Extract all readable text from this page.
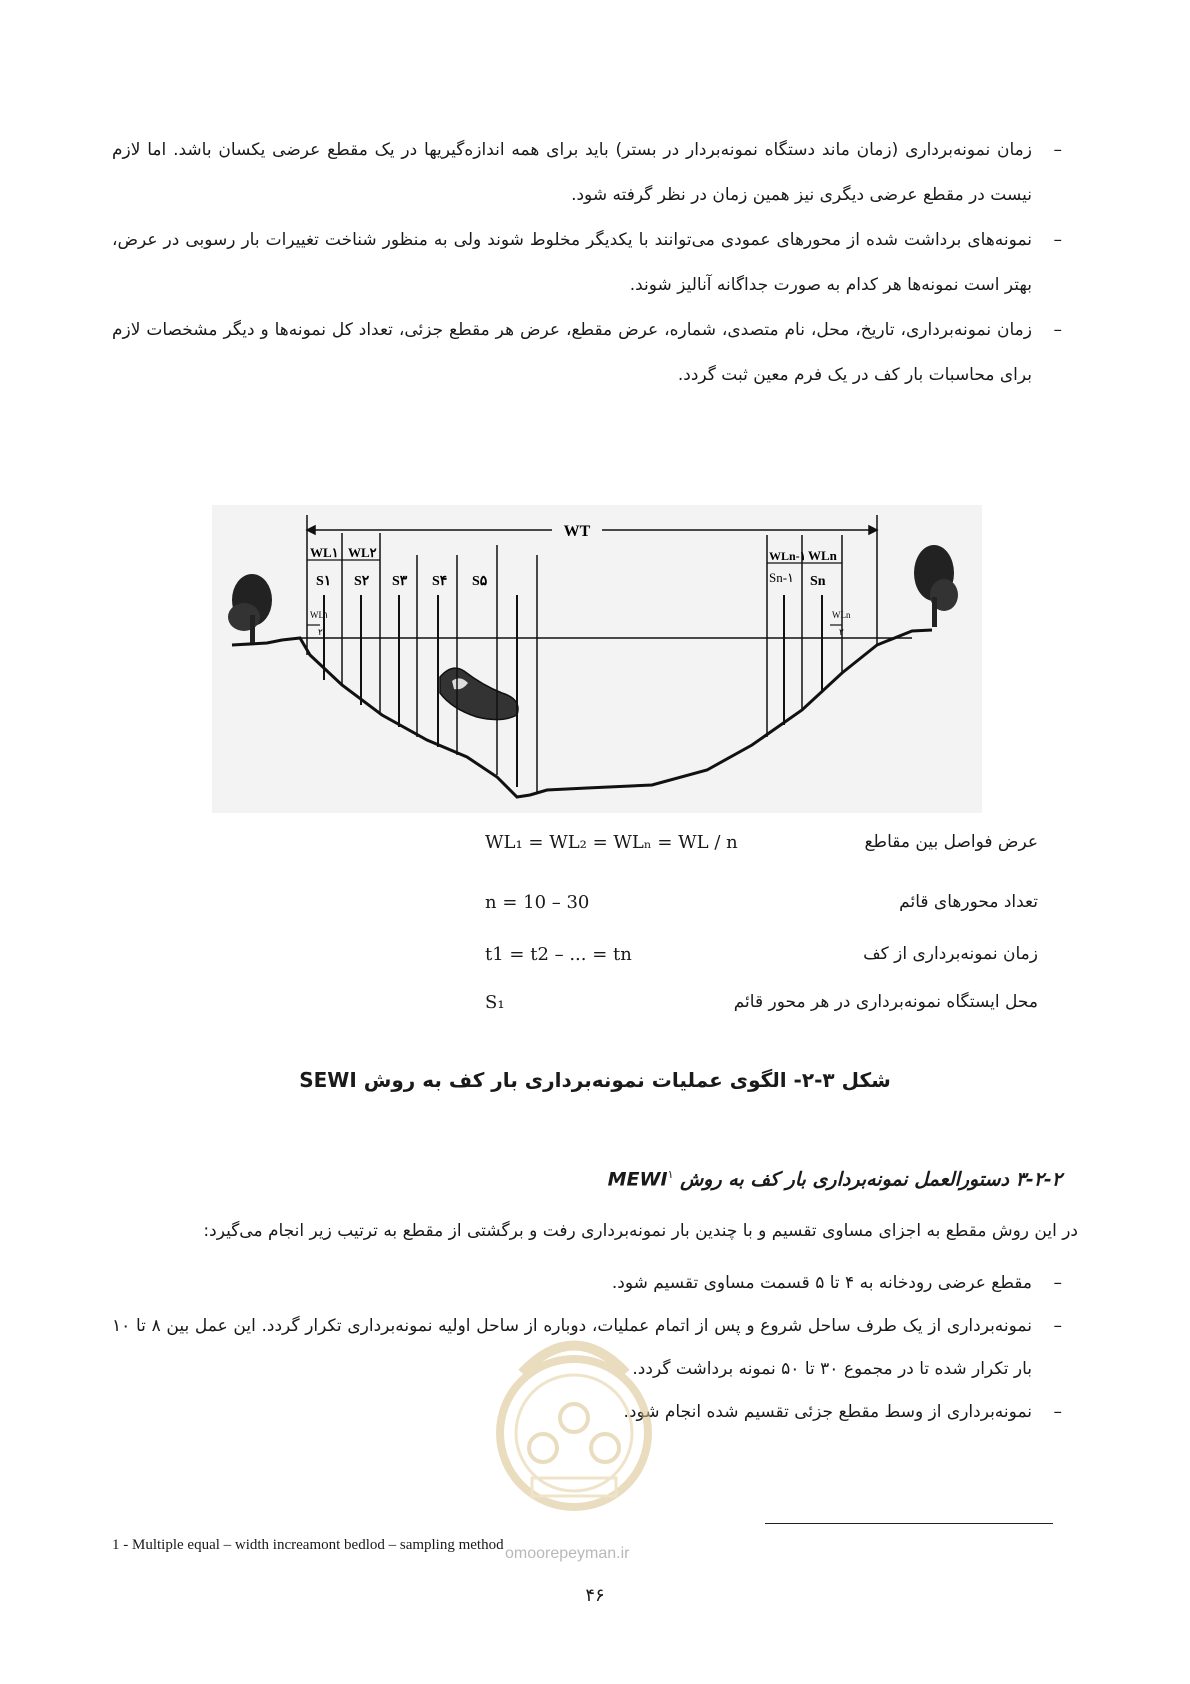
–
زمان نمونه‌برداری (زمان ماند دستگاه نمونه‌بردار در بستر) باید برای همه اندازه‌گیریها در یک مقطع عرضی یکسان باشد. اما لازم نیست در مقطع عرضی دیگری نیز همین زمان در نظر گرفته شود.
–
نمونه‌های برداشت شده از محورهای عمودی می‌توانند با یکدیگر مخلوط شوند ولی به منظور شناخت تغییرات بار رسوبی در عرض، بهتر است نمونه‌ها هر کدام به صورت جداگانه آنالیز شوند.
–
زمان نمونه‌برداری، تاریخ، محل، نام متصدی، شماره، عرض مقطع، عرض هر مقطع جزئی، تعداد کل نمونه‌ها و دیگر مشخصات لازم برای محاسبات بار کف در یک فرم معین ثبت گردد.
WT
WL۱ WL۲	WLn-۱ WLn
WL۱
۲
WLn
۲
S۱ S۲ S۳ S۴ S۵	Sn-۱ Sn
عرض فواصل بین مقاطع
WL₁ = WL₂ = WLₙ = WL / n
تعداد محورهای قائم
n = 10 – 30
زمان نمونه‌برداری از کف
t1 = t2 – ... = tn
محل ایستگاه نمونه‌برداری در هر محور قائم
S₁
شکل ۳-۲- الگوی عملیات نمونه‌برداری بار کف به روش SEWI
۳-۲-۲ دستورالعمل نمونه‌برداری بار کف به روش MEWI$^۱$
در این روش مقطع به اجزای مساوی تقسیم و با چندین بار نمونه‌برداری رفت و برگشتی از مقطع به ترتیب زیر انجام می‌گیرد:
–
مقطع عرضی رودخانه به ۴ تا ۵ قسمت مساوی تقسیم شود.
–
نمونه‌برداری از یک طرف ساحل شروع و پس از اتمام عملیات، دوباره از ساحل اولیه نمونه‌برداری تکرار گردد. این عمل بین ۸ تا ۱۰ بار تکرار شده تا در مجموع ۳۰ تا ۵۰ نمونه برداشت گردد.
–
نمونه‌برداری از وسط مقطع جزئی تقسیم شده انجام شود.
omoorepeyman.ir
1 - Multiple equal – width increamont bedlod – sampling method
۴۶
